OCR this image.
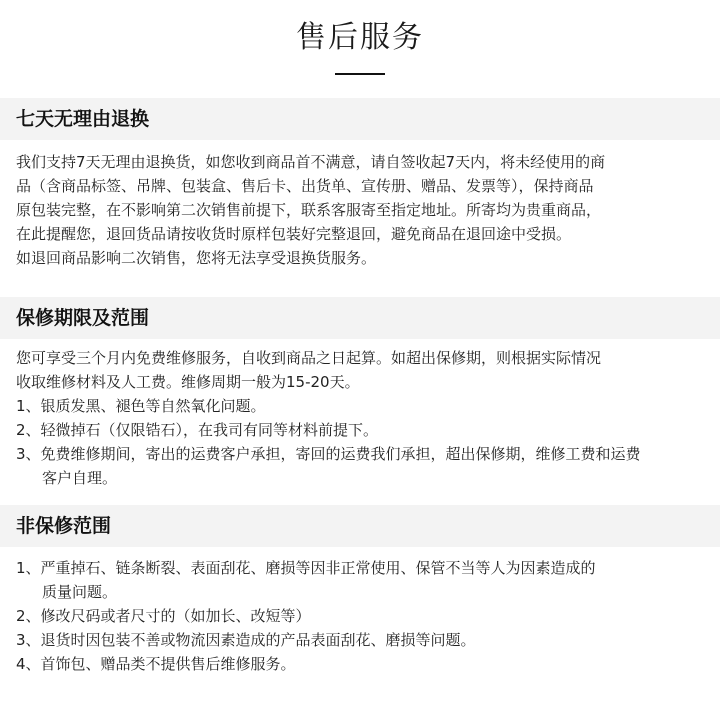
售后服务
七天无理由退换
我们支持7天无理由退换货，如您收到商品首不满意，请自签收起7天内，将未经使用的商
品（含商品标签、吊牌、包装盒、售后卡、出货单、宣传册、赠品、发票等），保持商品
原包装完整，在不影响第二次销售前提下，联系客服寄至指定地址。所寄均为贵重商品，
在此提醒您，退回货品请按收货时原样包装好完整退回，避免商品在退回途中受损。
如退回商品影响二次销售，您将无法享受退换货服务。
保修期限及范围
您可享受三个月内免费维修服务，自收到商品之日起算。如超出保修期，则根据实际情况
收取维修材料及人工费。维修周期一般为15-20天。
1、银质发黑、褪色等自然氧化问题。
2、轻微掉石（仅限锆石），在我司有同等材料前提下。
3、免费维修期间，寄出的运费客户承担，寄回的运费我们承担，超出保修期，维修工费和运费
客户自理。
非保修范围
1、严重掉石、链条断裂、表面刮花、磨损等因非正常使用、保管不当等人为因素造成的
质量问题。
2、修改尺码或者尺寸的（如加长、改短等）
3、退货时因包装不善或物流因素造成的产品表面刮花、磨损等问题。
4、首饰包、赠品类不提供售后维修服务。
